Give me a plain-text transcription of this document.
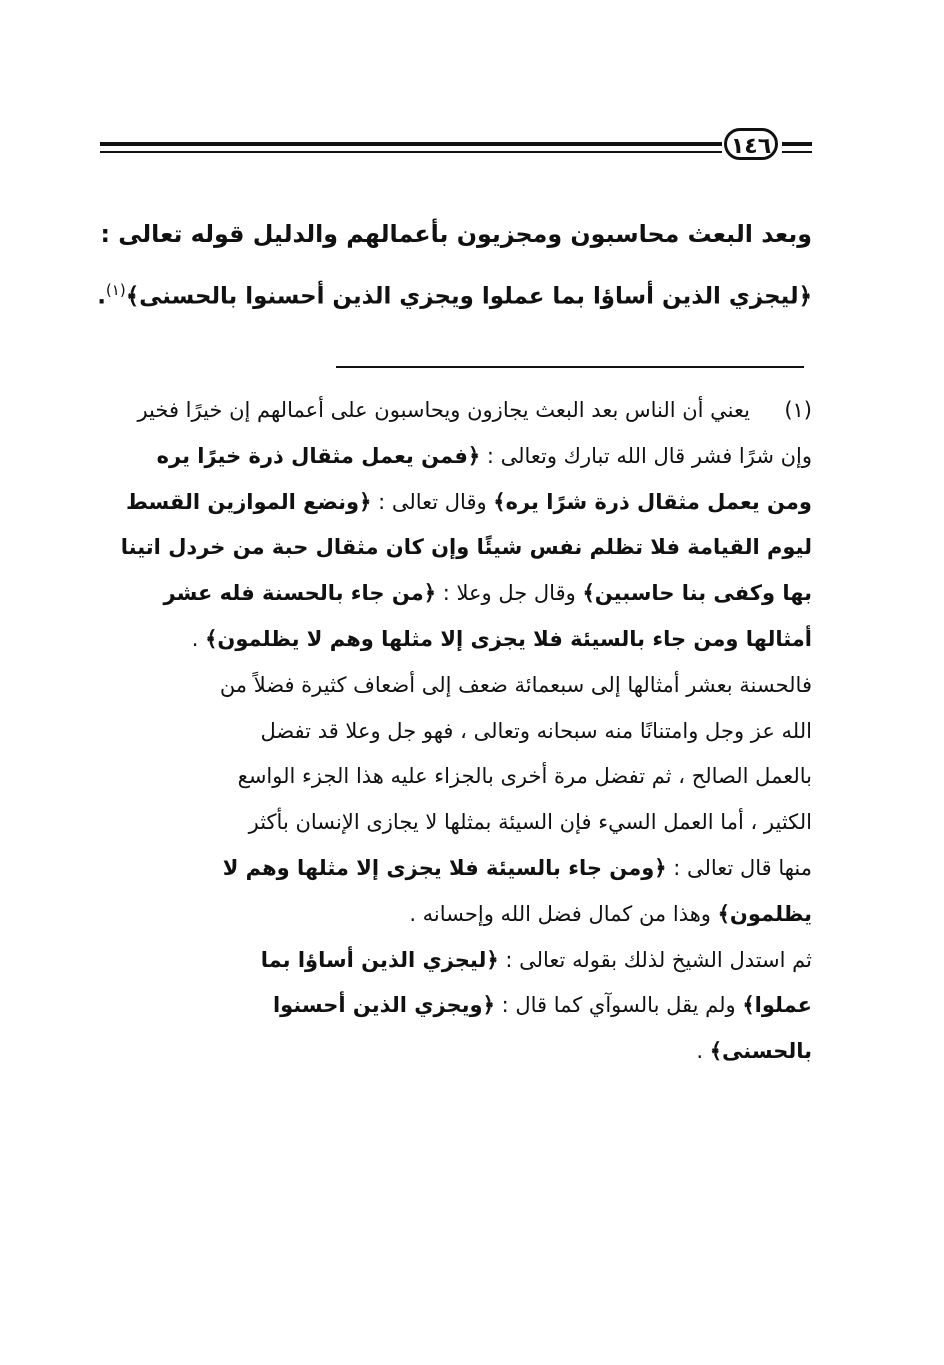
١٤٦
وبعد البعث محاسبون ومجزيون بأعمالهم والدليل قوله تعالى :
﴿ليجزي الذين أساؤا بما عملوا ويجزي الذين أحسنوا بالحسنى﴾$^{(١)}$.
(١)
يعني أن الناس بعد البعث يجازون ويحاسبون على أعمالهم إن خيرًا فخير
وإن شرًا فشر قال الله تبارك وتعالى : ﴿فمن يعمل مثقال ذرة خيرًا يره
ومن يعمل مثقال ذرة شرًا يره﴾ وقال تعالى : ﴿ونضع الموازين القسط
ليوم القيامة فلا تظلم نفس شيئًا وإن كان مثقال حبة من خردل اتينا
بها وكفى بنا حاسبين﴾ وقال جل وعلا : ﴿من جاء بالحسنة فله عشر
أمثالها ومن جاء بالسيئة فلا يجزى إلا مثلها وهم لا يظلمون﴾ .
فالحسنة بعشر أمثالها إلى سبعمائة ضعف إلى أضعاف كثيرة فضلاً من
الله عز وجل وامتنانًا منه سبحانه وتعالى ، فهو جل وعلا قد تفضل
بالعمل الصالح ، ثم تفضل مرة أخرى بالجزاء عليه هذا الجزء الواسع
الكثير ، أما العمل السيء فإن السيئة بمثلها لا يجازى الإنسان بأكثر
منها قال تعالى : ﴿ومن جاء بالسيئة فلا يجزى إلا مثلها وهم لا
يظلمون﴾ وهذا من كمال فضل الله وإحسانه .
ثم استدل الشيخ لذلك بقوله تعالى : ﴿ليجزي الذين أساؤا بما
عملوا﴾ ولم يقل بالسوآي كما قال : ﴿ويجزي الذين أحسنوا
بالحسنى﴾ .
